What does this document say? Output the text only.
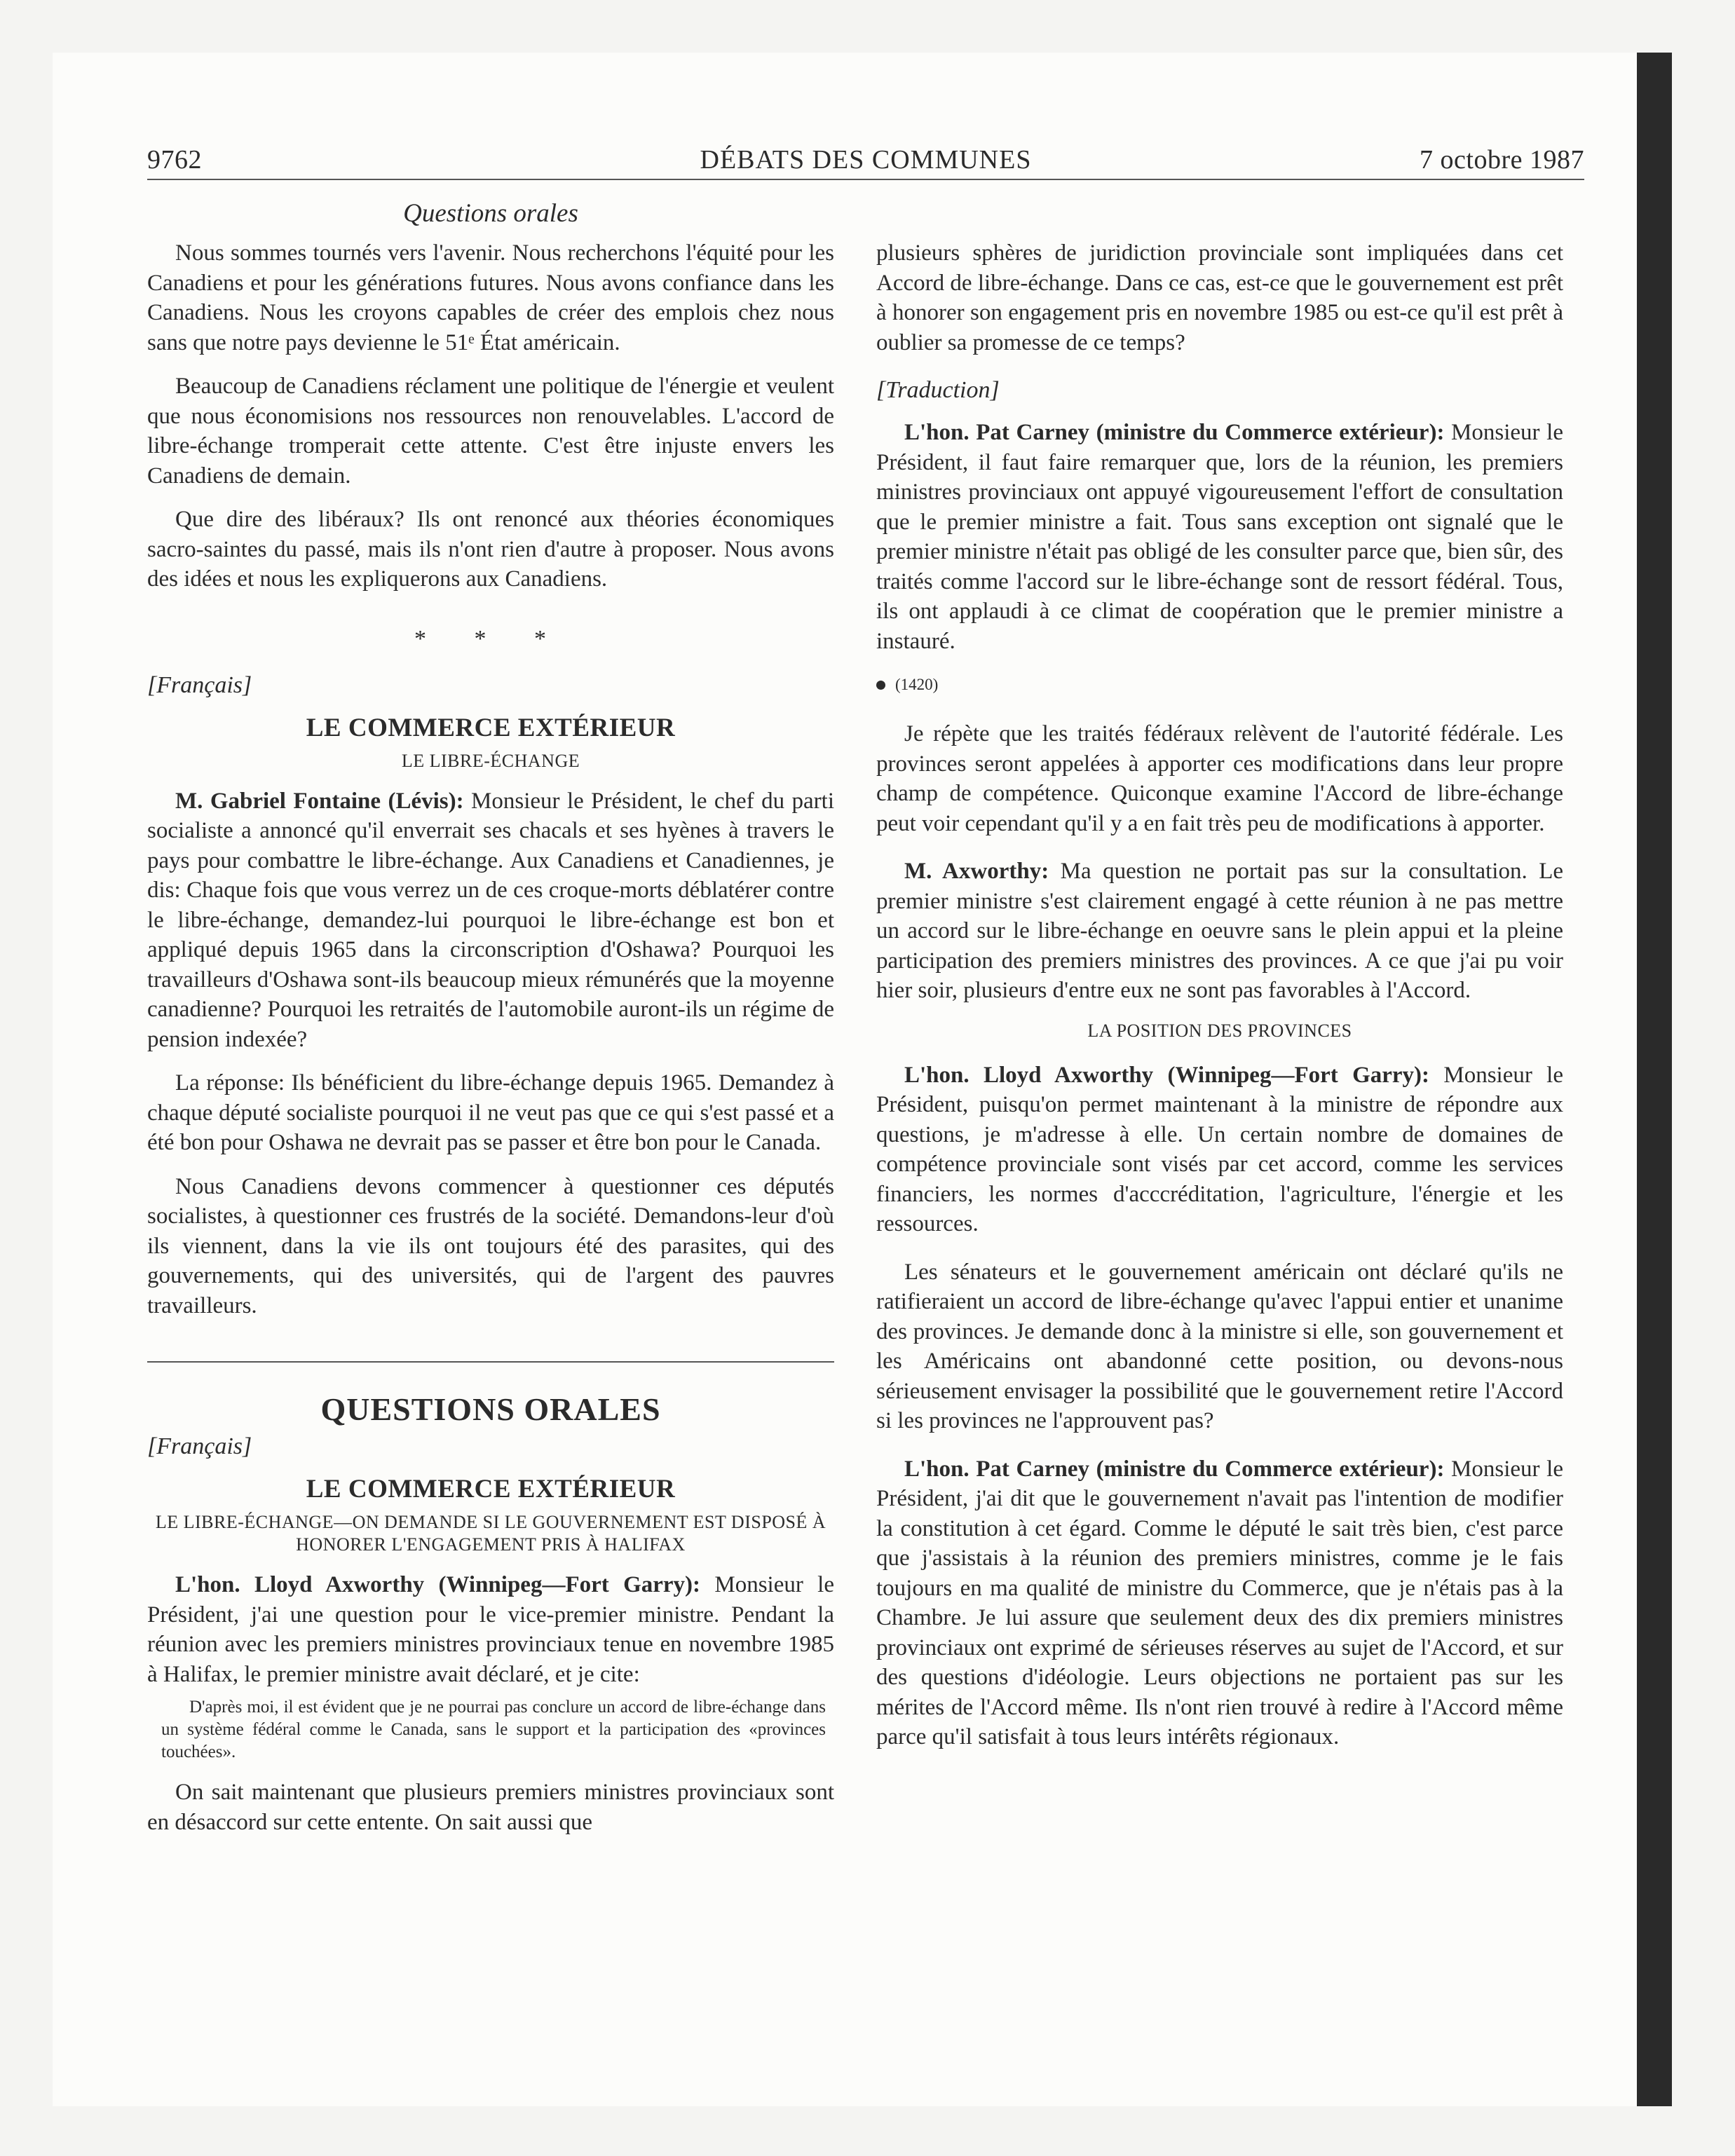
9762	DÉBATS DES COMMUNES	7 octobre 1987
Questions orales

Nous sommes tournés vers l'avenir. Nous recherchons l'équité pour les Canadiens et pour les générations futures. Nous avons confiance dans les Canadiens. Nous les croyons capables de créer des emplois chez nous sans que notre pays devienne le 51ᵉ État américain.

Beaucoup de Canadiens réclament une politique de l'énergie et veulent que nous économisions nos ressources non renouvelables. L'accord de libre-échange tromperait cette attente. C'est être injuste envers les Canadiens de demain.

Que dire des libéraux? Ils ont renoncé aux théories économiques sacro-saintes du passé, mais ils n'ont rien d'autre à proposer. Nous avons des idées et nous les expliquerons aux Canadiens.

* * *
[Français]
LE COMMERCE EXTÉRIEUR
LE LIBRE-ÉCHANGE

M. Gabriel Fontaine (Lévis): Monsieur le Président, le chef du parti socialiste a annoncé qu'il enverrait ses chacals et ses hyènes à travers le pays pour combattre le libre-échange. Aux Canadiens et Canadiennes, je dis: Chaque fois que vous verrez un de ces croque-morts déblatérer contre le libre-échange, demandez-lui pourquoi le libre-échange est bon et appliqué depuis 1965 dans la circonscription d'Oshawa? Pourquoi les travailleurs d'Oshawa sont-ils beaucoup mieux rémunérés que la moyenne canadienne? Pourquoi les retraités de l'automobile auront-ils un régime de pension indexée?

La réponse: Ils bénéficient du libre-échange depuis 1965. Demandez à chaque député socialiste pourquoi il ne veut pas que ce qui s'est passé et a été bon pour Oshawa ne devrait pas se passer et être bon pour le Canada.

Nous Canadiens devons commencer à questionner ces députés socialistes, à questionner ces frustrés de la société. Demandons-leur d'où ils viennent, dans la vie ils ont toujours été des parasites, qui des gouvernements, qui des universités, qui de l'argent des pauvres travailleurs.

QUESTIONS ORALES
[Français]
LE COMMERCE EXTÉRIEUR
LE LIBRE-ÉCHANGE—ON DEMANDE SI LE GOUVERNEMENT EST DISPOSÉ À HONORER L'ENGAGEMENT PRIS À HALIFAX

L'hon. Lloyd Axworthy (Winnipeg—Fort Garry): Monsieur le Président, j'ai une question pour le vice-premier ministre. Pendant la réunion avec les premiers ministres provinciaux tenue en novembre 1985 à Halifax, le premier ministre avait déclaré, et je cite:

D'après moi, il est évident que je ne pourrai pas conclure un accord de libre-échange dans un système fédéral comme le Canada, sans le support et la participation des «provinces touchées».

On sait maintenant que plusieurs premiers ministres provinciaux sont en désaccord sur cette entente. On sait aussi que

plusieurs sphères de juridiction provinciale sont impliquées dans cet Accord de libre-échange. Dans ce cas, est-ce que le gouvernement est prêt à honorer son engagement pris en novembre 1985 ou est-ce qu'il est prêt à oublier sa promesse de ce temps?

[Traduction]

L'hon. Pat Carney (ministre du Commerce extérieur): Monsieur le Président, il faut faire remarquer que, lors de la réunion, les premiers ministres provinciaux ont appuyé vigoureusement l'effort de consultation que le premier ministre a fait. Tous sans exception ont signalé que le premier ministre n'était pas obligé de les consulter parce que, bien sûr, des traités comme l'accord sur le libre-échange sont de ressort fédéral. Tous, ils ont applaudi à ce climat de coopération que le premier ministre a instauré.

(1420)

Je répète que les traités fédéraux relèvent de l'autorité fédérale. Les provinces seront appelées à apporter ces modifications dans leur propre champ de compétence. Quiconque examine l'Accord de libre-échange peut voir cependant qu'il y a en fait très peu de modifications à apporter.

M. Axworthy: Ma question ne portait pas sur la consultation. Le premier ministre s'est clairement engagé à cette réunion à ne pas mettre un accord sur le libre-échange en oeuvre sans le plein appui et la pleine participation des premiers ministres des provinces. A ce que j'ai pu voir hier soir, plusieurs d'entre eux ne sont pas favorables à l'Accord.

LA POSITION DES PROVINCES

L'hon. Lloyd Axworthy (Winnipeg—Fort Garry): Monsieur le Président, puisqu'on permet maintenant à la ministre de répondre aux questions, je m'adresse à elle. Un certain nombre de domaines de compétence provinciale sont visés par cet accord, comme les services financiers, les normes d'acccréditation, l'agriculture, l'énergie et les ressources.

Les sénateurs et le gouvernement américain ont déclaré qu'ils ne ratifieraient un accord de libre-échange qu'avec l'appui entier et unanime des provinces. Je demande donc à la ministre si elle, son gouvernement et les Américains ont abandonné cette position, ou devons-nous sérieusement envisager la possibilité que le gouvernement retire l'Accord si les provinces ne l'approuvent pas?

L'hon. Pat Carney (ministre du Commerce extérieur): Monsieur le Président, j'ai dit que le gouvernement n'avait pas l'intention de modifier la constitution à cet égard. Comme le député le sait très bien, c'est parce que j'assistais à la réunion des premiers ministres, comme je le fais toujours en ma qualité de ministre du Commerce, que je n'étais pas à la Chambre. Je lui assure que seulement deux des dix premiers ministres provinciaux ont exprimé de sérieuses réserves au sujet de l'Accord, et sur des questions d'idéologie. Leurs objections ne portaient pas sur les mérites de l'Accord même. Ils n'ont rien trouvé à redire à l'Accord même parce qu'il satisfait à tous leurs intérêts régionaux.
